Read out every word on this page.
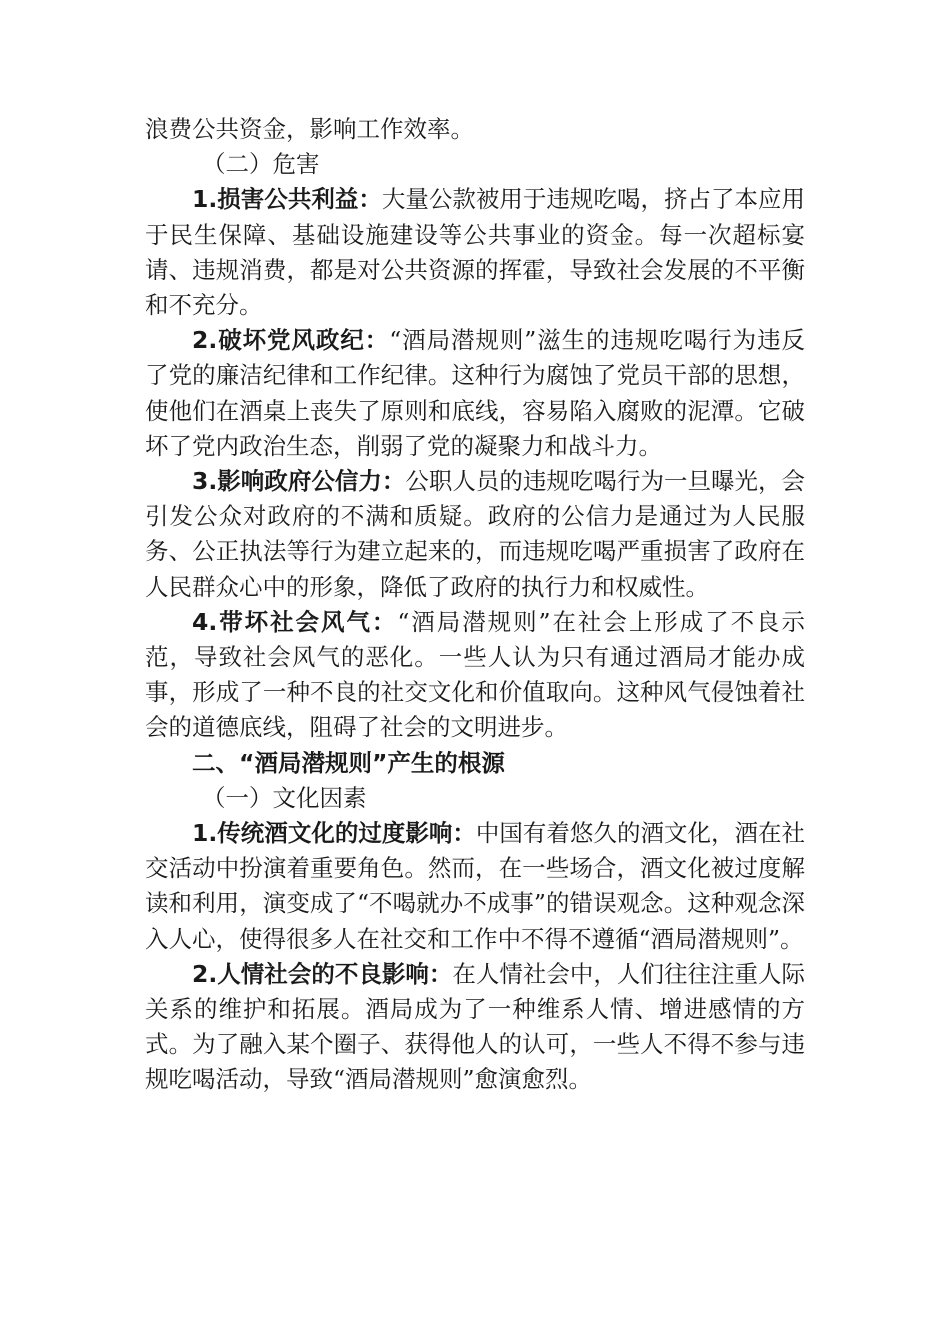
浪费公共资金，影响工作效率。

（二）危害

1.损害公共利益：大量公款被用于违规吃喝，挤占了本应用于民生保障、基础设施建设等公共事业的资金。每一次超标宴请、违规消费，都是对公共资源的挥霍，导致社会发展的不平衡和不充分。

2.破坏党风政纪：“酒局潜规则”滋生的违规吃喝行为违反了党的廉洁纪律和工作纪律。这种行为腐蚀了党员干部的思想，使他们在酒桌上丧失了原则和底线，容易陷入腐败的泥潭。它破坏了党内政治生态，削弱了党的凝聚力和战斗力。

3.影响政府公信力：公职人员的违规吃喝行为一旦曝光，会引发公众对政府的不满和质疑。政府的公信力是通过为人民服务、公正执法等行为建立起来的，而违规吃喝严重损害了政府在人民群众心中的形象，降低了政府的执行力和权威性。

4.带坏社会风气：“酒局潜规则”在社会上形成了不良示范，导致社会风气的恶化。一些人认为只有通过酒局才能办成事，形成了一种不良的社交文化和价值取向。这种风气侵蚀着社会的道德底线，阻碍了社会的文明进步。

二、“酒局潜规则”产生的根源

（一）文化因素

1.传统酒文化的过度影响：中国有着悠久的酒文化，酒在社交活动中扮演着重要角色。然而，在一些场合，酒文化被过度解读和利用，演变成了“不喝就办不成事”的错误观念。这种观念深入人心，使得很多人在社交和工作中不得不遵循“酒局潜规则”。

2.人情社会的不良影响：在人情社会中，人们往往注重人际关系的维护和拓展。酒局成为了一种维系人情、增进感情的方式。为了融入某个圈子、获得他人的认可，一些人不得不参与违规吃喝活动，导致“酒局潜规则”愈演愈烈。
